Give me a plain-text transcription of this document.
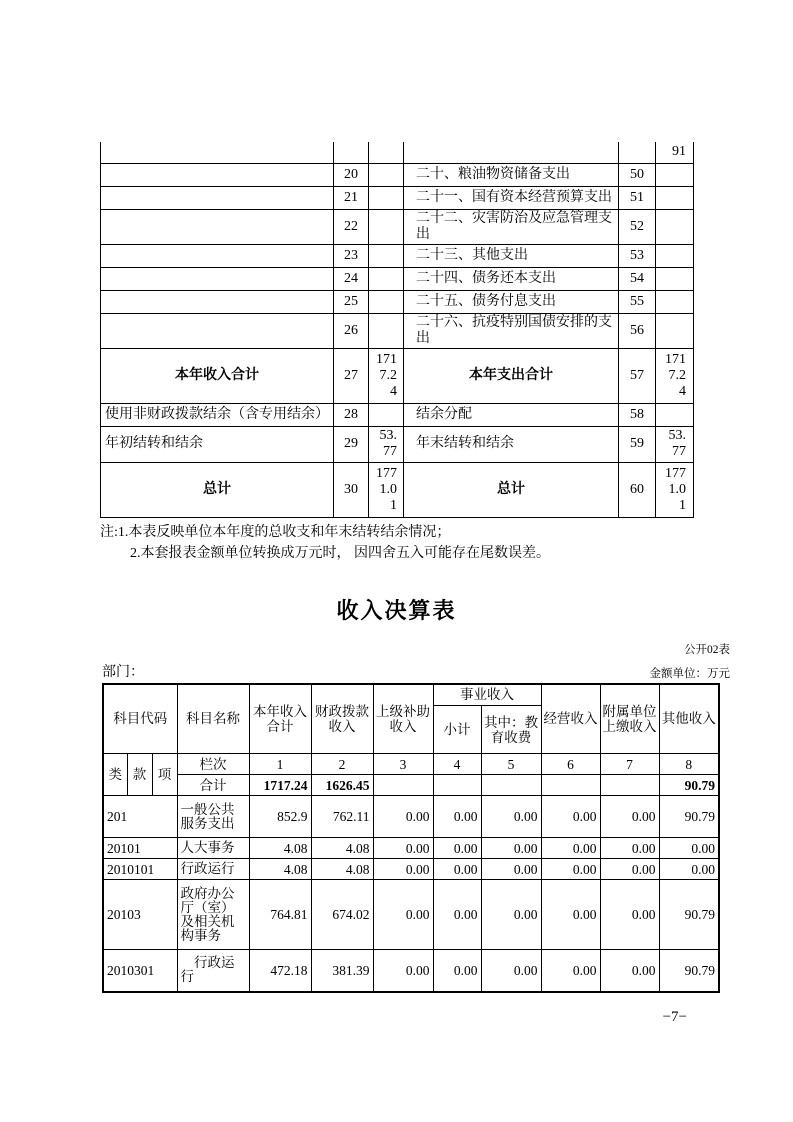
					91
	20		二十、粮油物资储备支出	50	
	21		二十一、国有资本经营预算支出	51	
	22		二十二、灾害防治及应急管理支出	52	
	23		二十三、其他支出	53	
	24		二十四、债务还本支出	54	
	25		二十五、债务付息支出	55	
	26		二十六、抗疫特别国债安排的支出	56	
本年收入合计	27	1717.24	本年支出合计	57	1717.24
使用非财政拨款结余（含专用结余）	28		结余分配	58	
年初结转和结余	29	53.77	年末结转和结余	59	53.77
总计	30	1771.01	总计	60	1771.01
注:1.本表反映单位本年度的总收支和年末结转结余情况；
2.本套报表金额单位转换成万元时， 因四舍五入可能存在尾数误差。
收入决算表
公开02表
部门：	金额单位：万元
科目代码			科目名称	本年收入合计	财政拨款收入	上级补助收入	事业收入		经营收入	附属单位上缴收入	其他收入
							小计	其中：教育收费			
类	款	项	栏次	1	2	3	4	5	6	7	8
			合计	1717.24	1626.45						90.79
201			一般公共服务支出	852.9	762.11	0.00	0.00	0.00	0.00	0.00	90.79
20101			人大事务	4.08	4.08	0.00	0.00	0.00	0.00	0.00	0.00
2010101			行政运行	4.08	4.08	0.00	0.00	0.00	0.00	0.00	0.00
20103			政府办公厅（室）及相关机构事务	764.81	674.02	0.00	0.00	0.00	0.00	0.00	90.79
2010301			　行政运行	472.18	381.39	0.00	0.00	0.00	0.00	0.00	90.79
−7−
